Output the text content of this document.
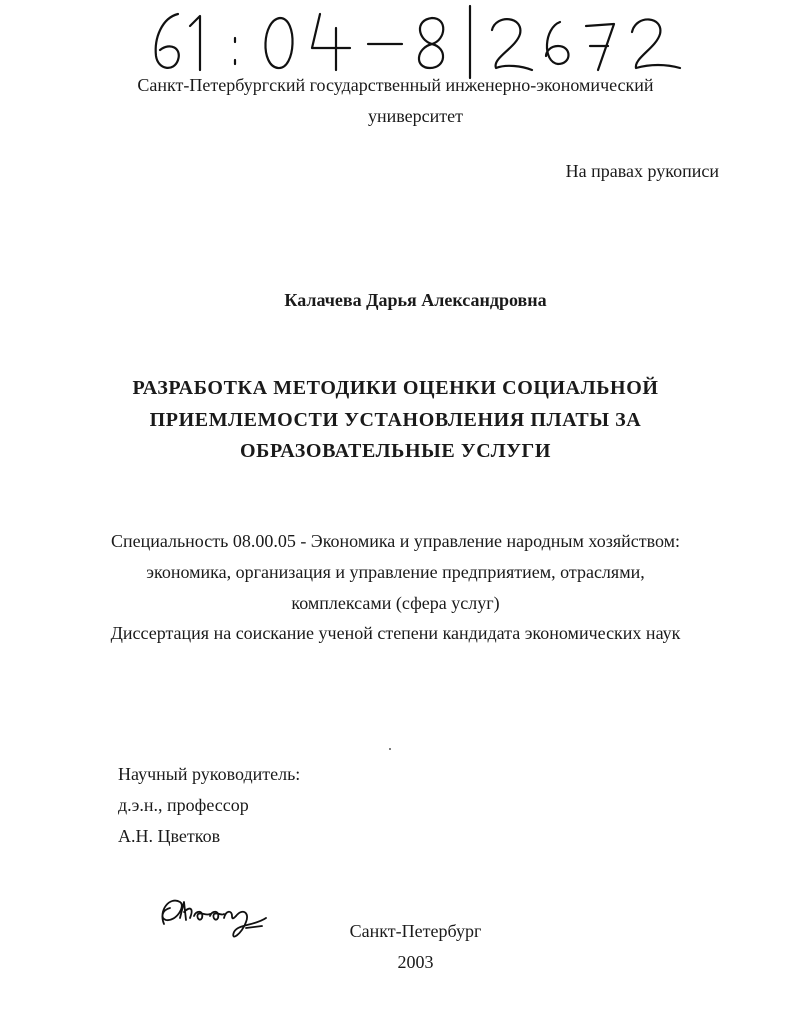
Санкт-Петербургский государственный инженерно-экономический
университет
На правах рукописи
Калачева Дарья Александровна
РАЗРАБОТКА МЕТОДИКИ ОЦЕНКИ СОЦИАЛЬНОЙ
ПРИЕМЛЕМОСТИ УСТАНОВЛЕНИЯ ПЛАТЫ ЗА
ОБРАЗОВАТЕЛЬНЫЕ УСЛУГИ
Специальность 08.00.05 - Экономика и управление народным хозяйством:
экономика, организация и управление предприятием, отраслями,
комплексами (сфера услуг)
Диссертация на соискание ученой степени кандидата экономических наук
Научный руководитель:
д.э.н., профессор
А.Н. Цветков
Санкт-Петербург
2003
